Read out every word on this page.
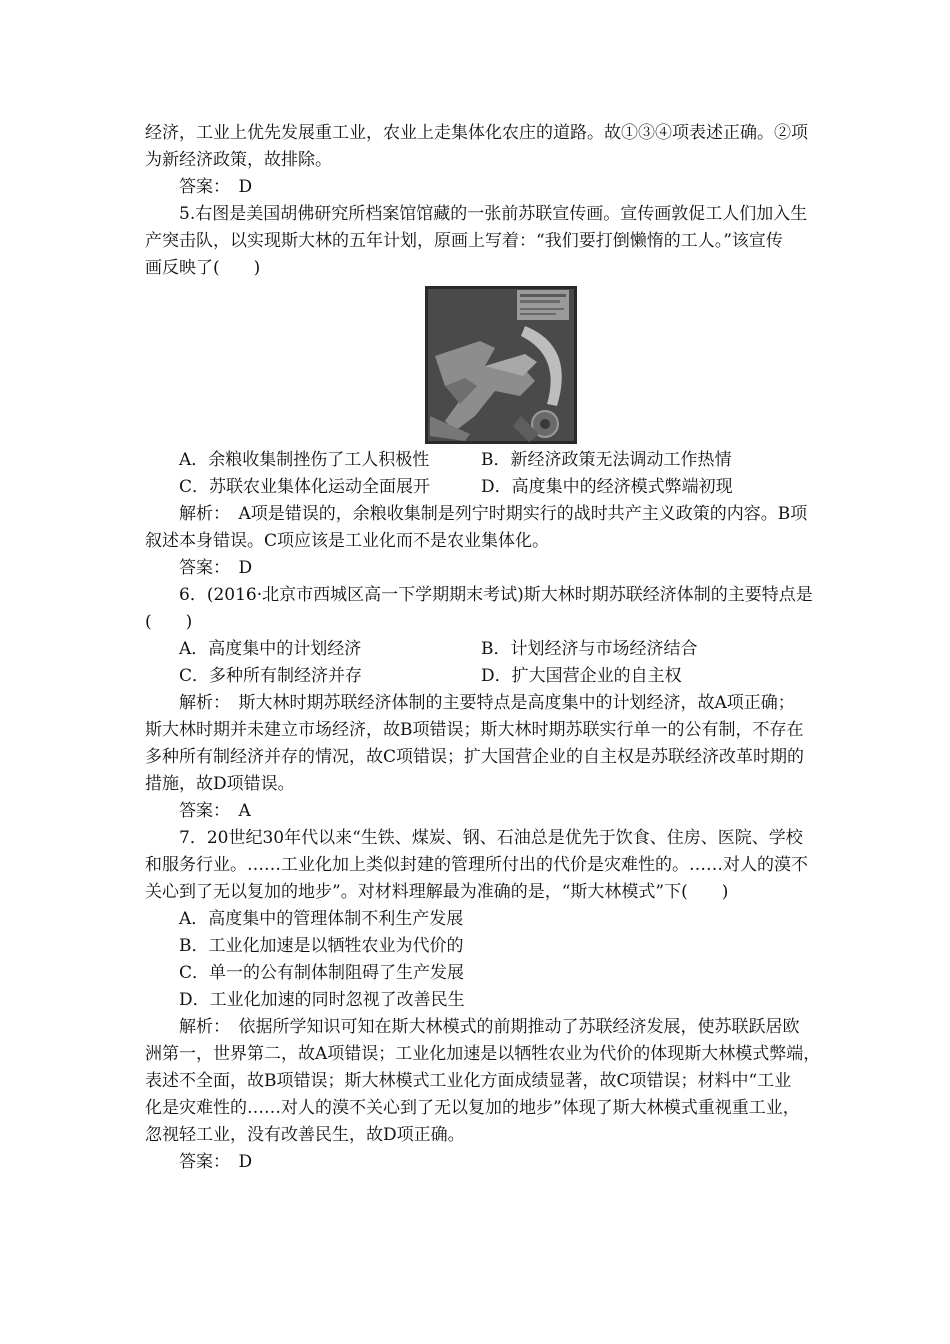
经济，工业上优先发展重工业，农业上走集体化农庄的道路。故①③④项表述正确。②项
为新经济政策，故排除。
答案：　D
5.右图是美国胡佛研究所档案馆馆藏的一张前苏联宣传画。宣传画敦促工人们加入生
产突击队，以实现斯大林的五年计划，原画上写着：“我们要打倒懒惰的工人。”该宣传
画反映了(　　)
A．余粮收集制挫伤了工人积极性	B．新经济政策无法调动工作热情
C．苏联农业集体化运动全面展开	D．高度集中的经济模式弊端初现
解析：　A项是错误的，余粮收集制是列宁时期实行的战时共产主义政策的内容。B项
叙述本身错误。C项应该是工业化而不是农业集体化。
答案：　D
6．(2016·北京市西城区高一下学期期末考试)斯大林时期苏联经济体制的主要特点是
(　　)
A．高度集中的计划经济	B．计划经济与市场经济结合
C．多种所有制经济并存	D．扩大国营企业的自主权
解析：　斯大林时期苏联经济体制的主要特点是高度集中的计划经济，故A项正确；
斯大林时期并未建立市场经济，故B项错误；斯大林时期苏联实行单一的公有制，不存在
多种所有制经济并存的情况，故C项错误；扩大国营企业的自主权是苏联经济改革时期的
措施，故D项错误。
答案：　A
7．20世纪30年代以来“生铁、煤炭、钢、石油总是优先于饮食、住房、医院、学校
和服务行业。……工业化加上类似封建的管理所付出的代价是灾难性的。……对人的漠不
关心到了无以复加的地步”。对材料理解最为准确的是，“斯大林模式”下(　　)
A．高度集中的管理体制不利生产发展
B．工业化加速是以牺牲农业为代价的
C．单一的公有制体制阻碍了生产发展
D．工业化加速的同时忽视了改善民生
解析：　依据所学知识可知在斯大林模式的前期推动了苏联经济发展，使苏联跃居欧
洲第一，世界第二，故A项错误；工业化加速是以牺牲农业为代价的体现斯大林模式弊端，
表述不全面，故B项错误；斯大林模式工业化方面成绩显著，故C项错误；材料中“工业
化是灾难性的……对人的漠不关心到了无以复加的地步”体现了斯大林模式重视重工业，
忽视轻工业，没有改善民生，故D项正确。
答案：　D
